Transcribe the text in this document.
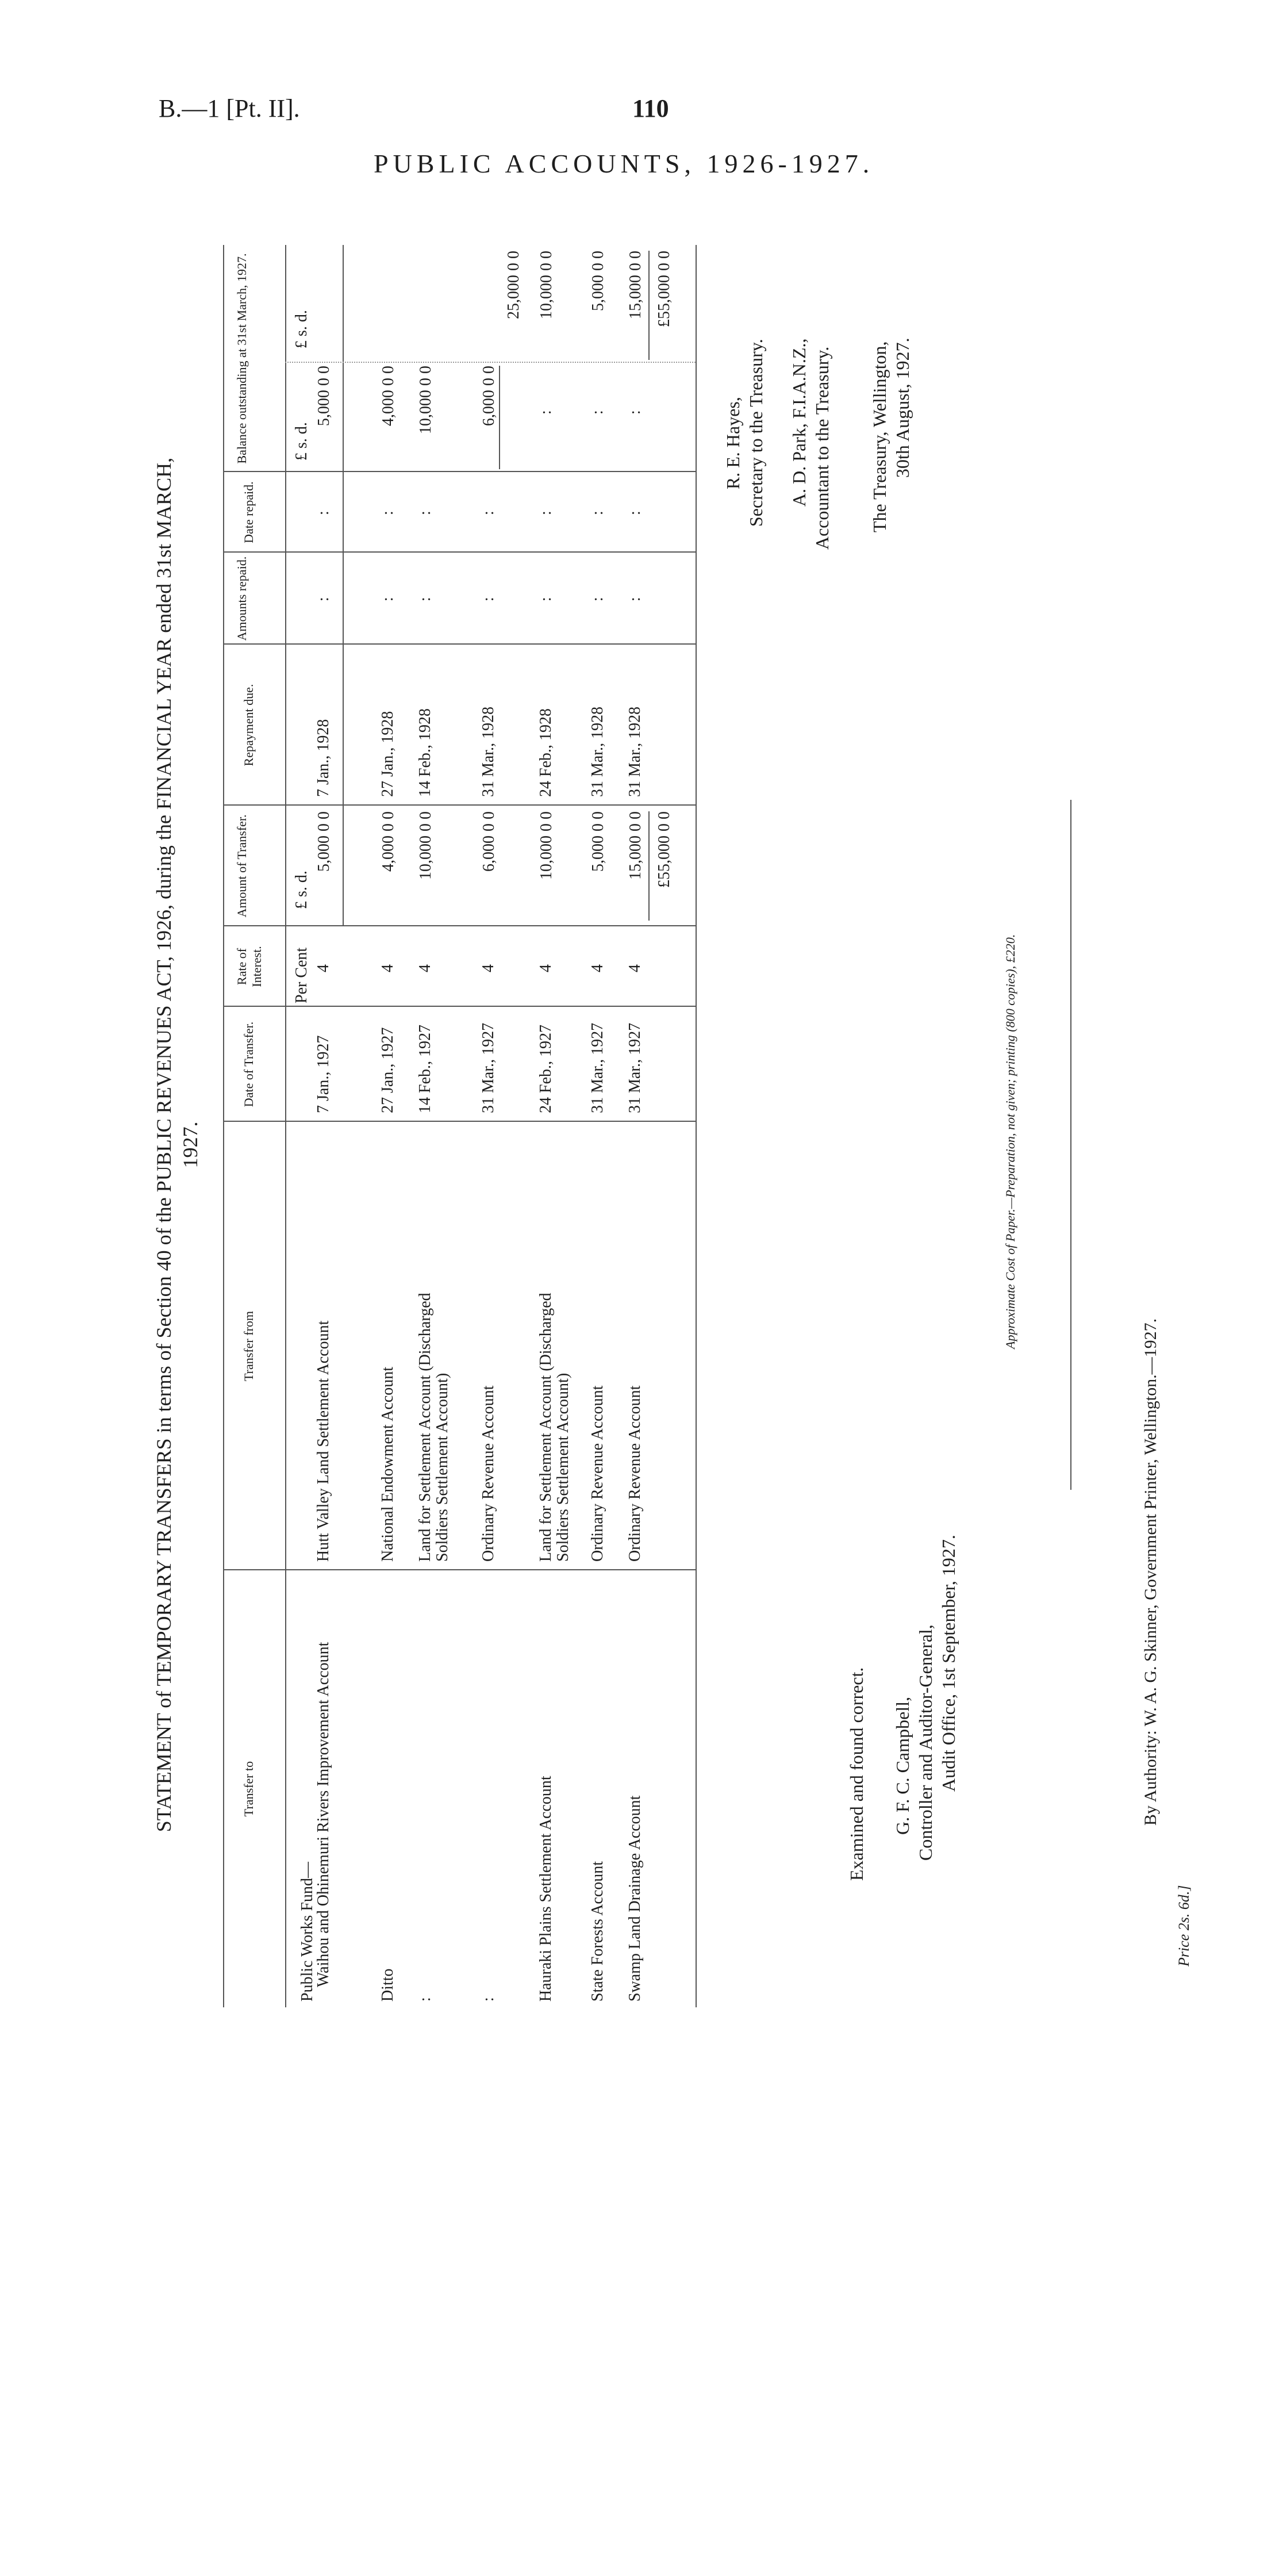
B.—1 [Pt. II].	110
PUBLIC ACCOUNTS, 1926-1927.
STATEMENT of TEMPORARY TRANSFERS in terms of Section 40 of the PUBLIC REVENUES ACT, 1926, during the FINANCIAL YEAR ended 31st MARCH, 1927.
Transfer to
Transfer from
Date of Transfer.
Rate of Interest.
Amount of Transfer.
Repayment due.
Amounts repaid.
Date repaid.
Balance outstanding at 31st March, 1927.
Per Cent
£ s. d.
£ s. d.
£ s. d.
Public Works Fund—
Waihou and Ohinemuri Rivers Improvement Account
Hutt Valley Land Settlement Account
7 Jan., 1927
4
5,000 0 0
7 Jan., 1928
:
:
5,000 0 0
Ditto
National Endowment Account
27 Jan., 1927
4
4,000 0 0
27 Jan., 1928
:
:
4,000 0 0
:
Land for Settlement Account (Discharged Soldiers Settlement Account)
14 Feb., 1927
4
10,000 0 0
14 Feb., 1928
:
:
10,000 0 0
:
Ordinary Revenue Account
31 Mar., 1927
4
6,000 0 0
31 Mar., 1928
:
:
6,000 0 0
25,000 0 0
Hauraki Plains Settlement Account
Land for Settlement Account (Discharged Soldiers Settlement Account)
24 Feb., 1927
4
10,000 0 0
24 Feb., 1928
:
:
:
10,000 0 0
State Forests Account
Ordinary Revenue Account
31 Mar., 1927
4
5,000 0 0
31 Mar., 1928
:
:
:
5,000 0 0
Swamp Land Drainage Account
Ordinary Revenue Account
31 Mar., 1927
4
15,000 0 0
31 Mar., 1928
:
:
:
15,000 0 0
£55,000 0 0
£55,000 0 0
Examined and found correct. G. F. C. Campbell, Controller and Auditor-General, Audit Office, 1st September, 1927.
R. E. Hayes, Secretary to the Treasury. A. D. Park, F.I.A.N.Z., Accountant to the Treasury. The Treasury, Wellington, 30th August, 1927.
Approximate Cost of Paper.—Preparation, not given; printing (800 copies), £220.
By Authority: W. A. G. Skinner, Government Printer, Wellington.—1927.
Price 2s. 6d.]
